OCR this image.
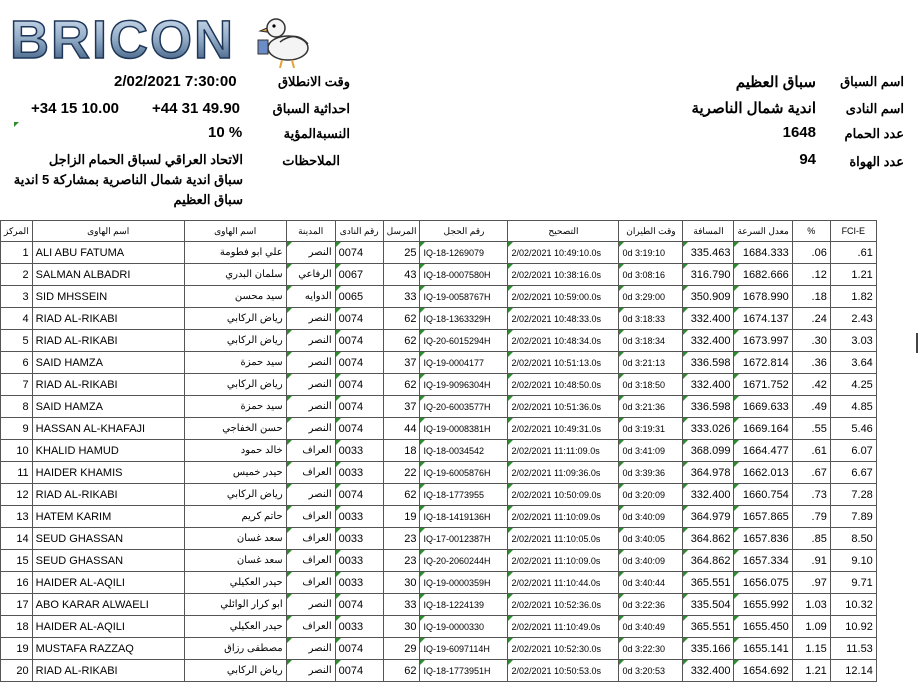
BRICON
اسم السباق
سباق العظيم
اسم النادى
اندية شمال الناصرية
عدد الحمام
1648
عدد الهواة
94
وقت الانطلاق
2/02/2021 7:30:00
احداثية السباق
+44 31 49.90
+34 15 10.00
النسبةالمؤية
10 %
الملاحظات
الاتحاد العراقي لسباق الحمام الزاجل
سباق اندية شمال الناصرية بمشاركة 5 اندية
سباق العظيم
المركز	اسم الهاوى	اسم الهاوى	المدينة	رقم النادى	المرسل	رقم الحجل	التصحيح	وقت الطيران	المسافة	معدل السرعة	%	FCI-E
1	ALI ABU FATUMA	علي ابو فطومة	النصر	0074	25	IQ-18-1269079	2/02/2021 10:49:10.0s	0d 3:19:10	335.463	1684.333	.06	.61
2	SALMAN ALBADRI	سلمان البدري	الرفاعي	0067	43	IQ-18-0007580H	2/02/2021 10:38:16.0s	0d 3:08:16	316.790	1682.666	.12	1.21
3	SID MHSSEIN	سيد محسن	الدوايه	0065	33	IQ-19-0058767H	2/02/2021 10:59:00.0s	0d 3:29:00	350.909	1678.990	.18	1.82
4	RIAD AL-RIKABI	رياض الركابي	النصر	0074	62	IQ-18-1363329H	2/02/2021 10:48:33.0s	0d 3:18:33	332.400	1674.137	.24	2.43
5	RIAD AL-RIKABI	رياض الركابي	النصر	0074	62	IQ-20-6015294H	2/02/2021 10:48:34.0s	0d 3:18:34	332.400	1673.997	.30	3.03
6	SAID HAMZA	سيد حمزة	النصر	0074	37	IQ-19-0004177	2/02/2021 10:51:13.0s	0d 3:21:13	336.598	1672.814	.36	3.64
7	RIAD AL-RIKABI	رياض الركابي	النصر	0074	62	IQ-19-9096304H	2/02/2021 10:48:50.0s	0d 3:18:50	332.400	1671.752	.42	4.25
8	SAID HAMZA	سيد حمزة	النصر	0074	37	IQ-20-6003577H	2/02/2021 10:51:36.0s	0d 3:21:36	336.598	1669.633	.49	4.85
9	HASSAN AL-KHAFAJI	حسن الخفاجي	النصر	0074	44	IQ-19-0008381H	2/02/2021 10:49:31.0s	0d 3:19:31	333.026	1669.164	.55	5.46
10	KHALID HAMUD	خالد حمود	العراف	0033	18	IQ-18-0034542	2/02/2021 11:11:09.0s	0d 3:41:09	368.099	1664.477	.61	6.07
11	HAIDER KHAMIS	حيدر خميس	العراف	0033	22	IQ-19-6005876H	2/02/2021 11:09:36.0s	0d 3:39:36	364.978	1662.013	.67	6.67
12	RIAD AL-RIKABI	رياض الركابي	النصر	0074	62	IQ-18-1773955	2/02/2021 10:50:09.0s	0d 3:20:09	332.400	1660.754	.73	7.28
13	HATEM KARIM	حاتم كريم	العراف	0033	19	IQ-18-1419136H	2/02/2021 11:10:09.0s	0d 3:40:09	364.979	1657.865	.79	7.89
14	SEUD GHASSAN	سعد غسان	العراف	0033	23	IQ-17-0012387H	2/02/2021 11:10:05.0s	0d 3:40:05	364.862	1657.836	.85	8.50
15	SEUD GHASSAN	سعد غسان	العراف	0033	23	IQ-20-2060244H	2/02/2021 11:10:09.0s	0d 3:40:09	364.862	1657.334	.91	9.10
16	HAIDER AL-AQILI	حيدر العكيلي	العراف	0033	30	IQ-19-0000359H	2/02/2021 11:10:44.0s	0d 3:40:44	365.551	1656.075	.97	9.71
17	ABO KARAR ALWAELI	ابو كرار الوائلي	النصر	0074	33	IQ-18-1224139	2/02/2021 10:52:36.0s	0d 3:22:36	335.504	1655.992	1.03	10.32
18	HAIDER AL-AQILI	حيدر العكيلي	العراف	0033	30	IQ-19-0000330	2/02/2021 11:10:49.0s	0d 3:40:49	365.551	1655.450	1.09	10.92
19	MUSTAFA RAZZAQ	مصطفى رزاق	النصر	0074	29	IQ-19-6097114H	2/02/2021 10:52:30.0s	0d 3:22:30	335.166	1655.141	1.15	11.53
20	RIAD AL-RIKABI	رياض الركابي	النصر	0074	62	IQ-18-1773951H	2/02/2021 10:50:53.0s	0d 3:20:53	332.400	1654.692	1.21	12.14
